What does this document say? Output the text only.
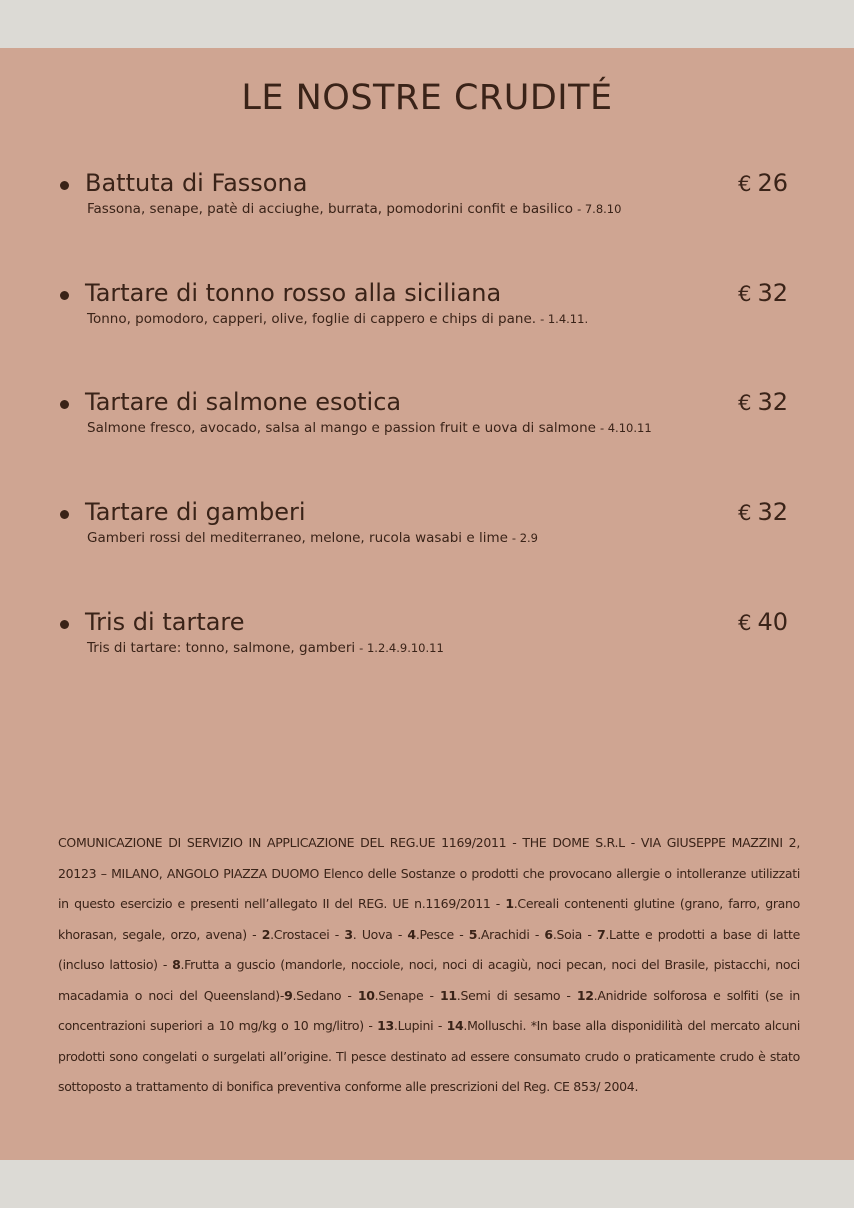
LE NOSTRE CRUDITÉ
Battuta di Fassona	€ 26
Fassona, senape, patè di acciughe, burrata, pomodorini confit e basilico - 7.8.10
Tartare di tonno rosso alla siciliana	€ 32
Tonno, pomodoro, capperi, olive, foglie di cappero e chips di pane. - 1.4.11.
Tartare di salmone esotica	€ 32
Salmone fresco, avocado, salsa al mango e passion fruit e uova di salmone - 4.10.11
Tartare di gamberi	€ 32
Gamberi rossi del mediterraneo, melone, rucola wasabi e lime - 2.9
Tris di tartare	€ 40
Tris di tartare: tonno, salmone, gamberi - 1.2.4.9.10.11
COMUNICAZIONE DI SERVIZIO IN APPLICAZIONE DEL REG.UE 1169/2011 - THE DOME S.R.L - VIA GIUSEPPE MAZZINI 2, 20123 – MILANO, ANGOLO PIAZZA DUOMO Elenco delle Sostanze o prodotti che provocano allergie o intolleranze utilizzati in questo esercizio e presenti nell’allegato II del REG. UE n.1169/2011 - 1.Cereali contenenti glutine (grano, farro, grano khorasan, segale, orzo, avena) - 2.Crostacei - 3. Uova - 4.Pesce - 5.Arachidi - 6.Soia - 7.Latte e prodotti a base di latte (incluso lattosio) - 8.Frutta a guscio (mandorle, nocciole, noci, noci di acagiù, noci pecan, noci del Brasile, pistacchi, noci macadamia o noci del Queensland)-9.Sedano - 10.Senape - 11.Semi di sesamo - 12.Anidride solforosa e solfiti (se in concentrazioni superiori a 10 mg/kg o 10 mg/litro) - 13.Lupini - 14.Molluschi. *In base alla disponidilità del mercato alcuni prodotti sono congelati o surgelati all’origine. Tl pesce destinato ad essere consumato crudo o praticamente crudo è stato sottoposto a trattamento di bonifica preventiva conforme alle prescrizioni del Reg. CE 853/ 2004.
